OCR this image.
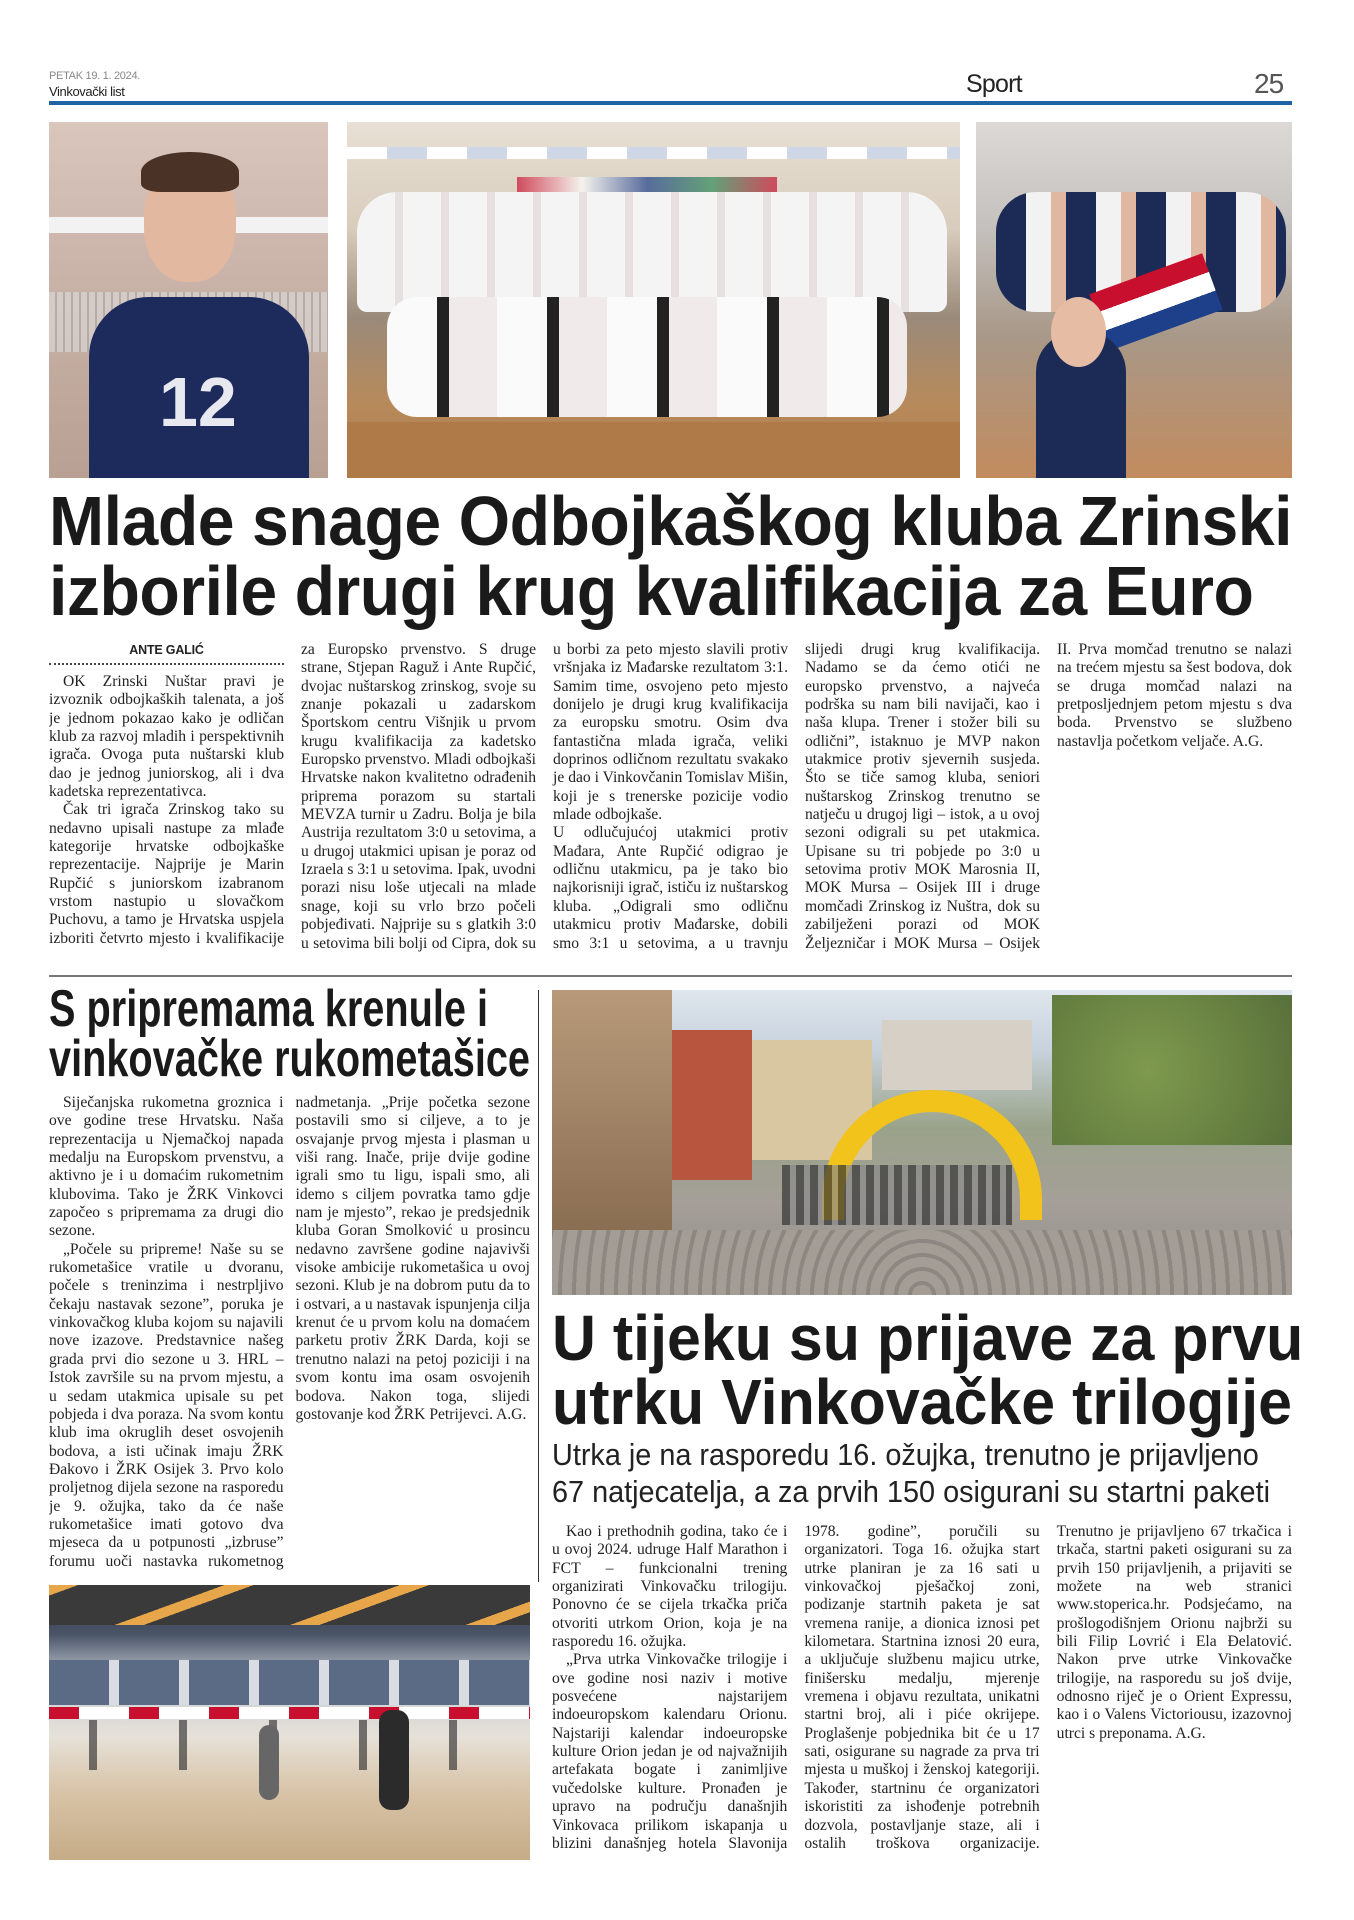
PETAK 19. 1. 2024.
Vinkovački list	Sport	25
12
Mlade snage Odbojkaškog kluba Zrinski
izborile drugi krug kvalifikacija za Euro
ANTE GALIĆ

OK Zrinski Nuštar pravi je izvoznik odbojkaških talenata, a još je jednom pokazao kako je odličan klub za razvoj mladih i perspektivnih igrača. Ovoga puta nuštarski klub dao je jednog juniorskog, ali i dva kadetska reprezentativca.

Čak tri igrača Zrinskog tako su nedavno upisali nastupe za mlađe kategorije hrvatske odbojkaške reprezentacije. Najprije je Marin Rupčić s juniorskom izabranom vrstom nastupio u slovačkom Puchovu, a tamo je Hrvatska uspjela izboriti četvrto mjesto i kvalifikacije za Europsko prvenstvo. S druge strane, Stjepan Raguž i Ante Rupčić, dvojac nuštarskog zrinskog, svoje su znanje pokazali u zadarskom Športskom centru Višnjik u prvom krugu kvalifikacija za kadetsko Europsko prvenstvo. Mladi odbojkaši Hrvatske nakon kvalitetno odrađenih priprema porazom su startali MEVZA turnir u Zadru. Bolja je bila Austrija rezultatom 3:0 u setovima, a u drugoj utakmici upisan je poraz od Izraela s 3:1 u setovima. Ipak, uvodni porazi nisu loše utjecali na mlade snage, koji su vrlo brzo počeli pobjeđivati. Najprije su s glatkih 3:0 u setovima bili bolji od Cipra, dok su u borbi za peto mjesto slavili protiv vršnjaka iz Mađarske rezultatom 3:1. Samim time, osvojeno peto mjesto donijelo je drugi krug kvalifikacija za europsku smotru. Osim dva fantastična mlada igrača, veliki doprinos odličnom rezultatu svakako je dao i Vinkovčanin Tomislav Mišin, koji je s trenerske pozicije vodio mlade odbojkaše.

U odlučujućoj utakmici protiv Mađara, Ante Rupčić odigrao je odličnu utakmicu, pa je tako bio najkorisniji igrač, ističu iz nuštarskog kluba. „Odigrali smo odličnu utakmicu protiv Mađarske, dobili smo 3:1 u setovima, a u travnju slijedi drugi krug kvalifikacija. Nadamo se da ćemo otići ne europsko prvenstvo, a najveća podrška su nam bili navijači, kao i naša klupa. Trener i stožer bili su odlični”, istaknuo je MVP nakon utakmice protiv sjevernih susjeda. Što se tiče samog kluba, seniori nuštarskog Zrinskog trenutno se natječu u drugoj ligi – istok, a u ovoj sezoni odigrali su pet utakmica. Upisane su tri pobjede po 3:0 u setovima protiv MOK Marosnia II, MOK Mursa – Osijek III i druge momčadi Zrinskog iz Nuštra, dok su zabilježeni porazi od MOK Željezničar i MOK Mursa – Osijek II. Prva momčad trenutno se nalazi na trećem mjestu sa šest bodova, dok se druga momčad nalazi na pretposljednjem petom mjestu s dva boda. Prvenstvo se službeno nastavlja početkom veljače. A.G.

S pripremama krenule i
vinkovačke rukometašice

Siječanjska rukometna groznica i ove godine trese Hrvatsku. Naša reprezentacija u Njemačkoj napada medalju na Europskom prvenstvu, a aktivno je i u domaćim rukometnim klubovima. Tako je ŽRK Vinkovci započeo s pripremama za drugi dio sezone.

„Počele su pripreme! Naše su se rukometašice vratile u dvoranu, počele s treninzima i nestrpljivo čekaju nastavak sezone”, poruka je vinkovačkog kluba kojom su najavili nove izazove. Predstavnice našeg grada prvi dio sezone u 3. HRL – Istok završile su na prvom mjestu, a u sedam utakmica upisale su pet pobjeda i dva poraza. Na svom kontu klub ima okruglih deset osvojenih bodova, a isti učinak imaju ŽRK Đakovo i ŽRK Osijek 3. Prvo kolo proljetnog dijela sezone na rasporedu je 9. ožujka, tako da će naše rukometašice imati gotovo dva mjeseca da u potpunosti „izbruse” forumu uoči nastavka rukometnog nadmetanja. „Prije početka sezone postavili smo si ciljeve, a to je osvajanje prvog mjesta i plasman u viši rang. Inače, prije dvije godine igrali smo tu ligu, ispali smo, ali idemo s ciljem povratka tamo gdje nam je mjesto”, rekao je predsjednik kluba Goran Smolković u prosincu nedavno završene godine najavivši visoke ambicije rukometašica u ovoj sezoni. Klub je na dobrom putu da to i ostvari, a u nastavak ispunjenja cilja krenut će u prvom kolu na domaćem parketu protiv ŽRK Darda, koji se trenutno nalazi na petoj poziciji i na svom kontu ima osam osvojenih bodova. Nakon toga, slijedi gostovanje kod ŽRK Petrijevci. A.G.

U tijeku su prijave za prvu
utrku Vinkovačke trilogije
Utrka je na rasporedu 16. ožujka, trenutno je prijavljeno
67 natjecatelja, a za prvih 150 osigurani su startni paketi

Kao i prethodnih godina, tako će i u ovoj 2024. udruge Half Marathon i FCT – funkcionalni trening organizirati Vinkovačku trilogiju. Ponovno će se cijela trkačka priča otvoriti utrkom Orion, koja je na rasporedu 16. ožujka.

„Prva utrka Vinkovačke trilogije i ove godine nosi naziv i motive posvećene najstarijem indoeuropskom kalendaru Orionu. Najstariji kalendar indoeuropske kulture Orion jedan je od najvažnijih artefakata bogate i zanimljive vučedolske kulture. Pronađen je upravo na području današnjih Vinkovaca prilikom iskapanja u blizini današnjeg hotela Slavonija 1978. godine”, poručili su organizatori. Toga 16. ožujka start utrke planiran je za 16 sati u vinkovačkoj pješačkoj zoni, podizanje startnih paketa je sat vremena ranije, a dionica iznosi pet kilometara. Startnina iznosi 20 eura, a uključuje službenu majicu utrke, finišersku medalju, mjerenje vremena i objavu rezultata, unikatni startni broj, ali i piće okrijepe. Proglašenje pobjednika bit će u 17 sati, osigurane su nagrade za prva tri mjesta u muškoj i ženskoj kategoriji. Također, startninu će organizatori iskoristiti za ishođenje potrebnih dozvola, postavljanje staze, ali i ostalih troškova organizacije. Trenutno je prijavljeno 67 trkačica i trkača, startni paketi osigurani su za prvih 150 prijavljenih, a prijaviti se možete na web stranici www.stoperica.hr. Podsjećamo, na prošlogodišnjem Orionu najbrži su bili Filip Lovrić i Ela Đelatović. Nakon prve utrke Vinkovačke trilogije, na rasporedu su još dvije, odnosno riječ je o Orient Expressu, kao i o Valens Victoriousu, izazovnoj utrci s preponama. A.G.
